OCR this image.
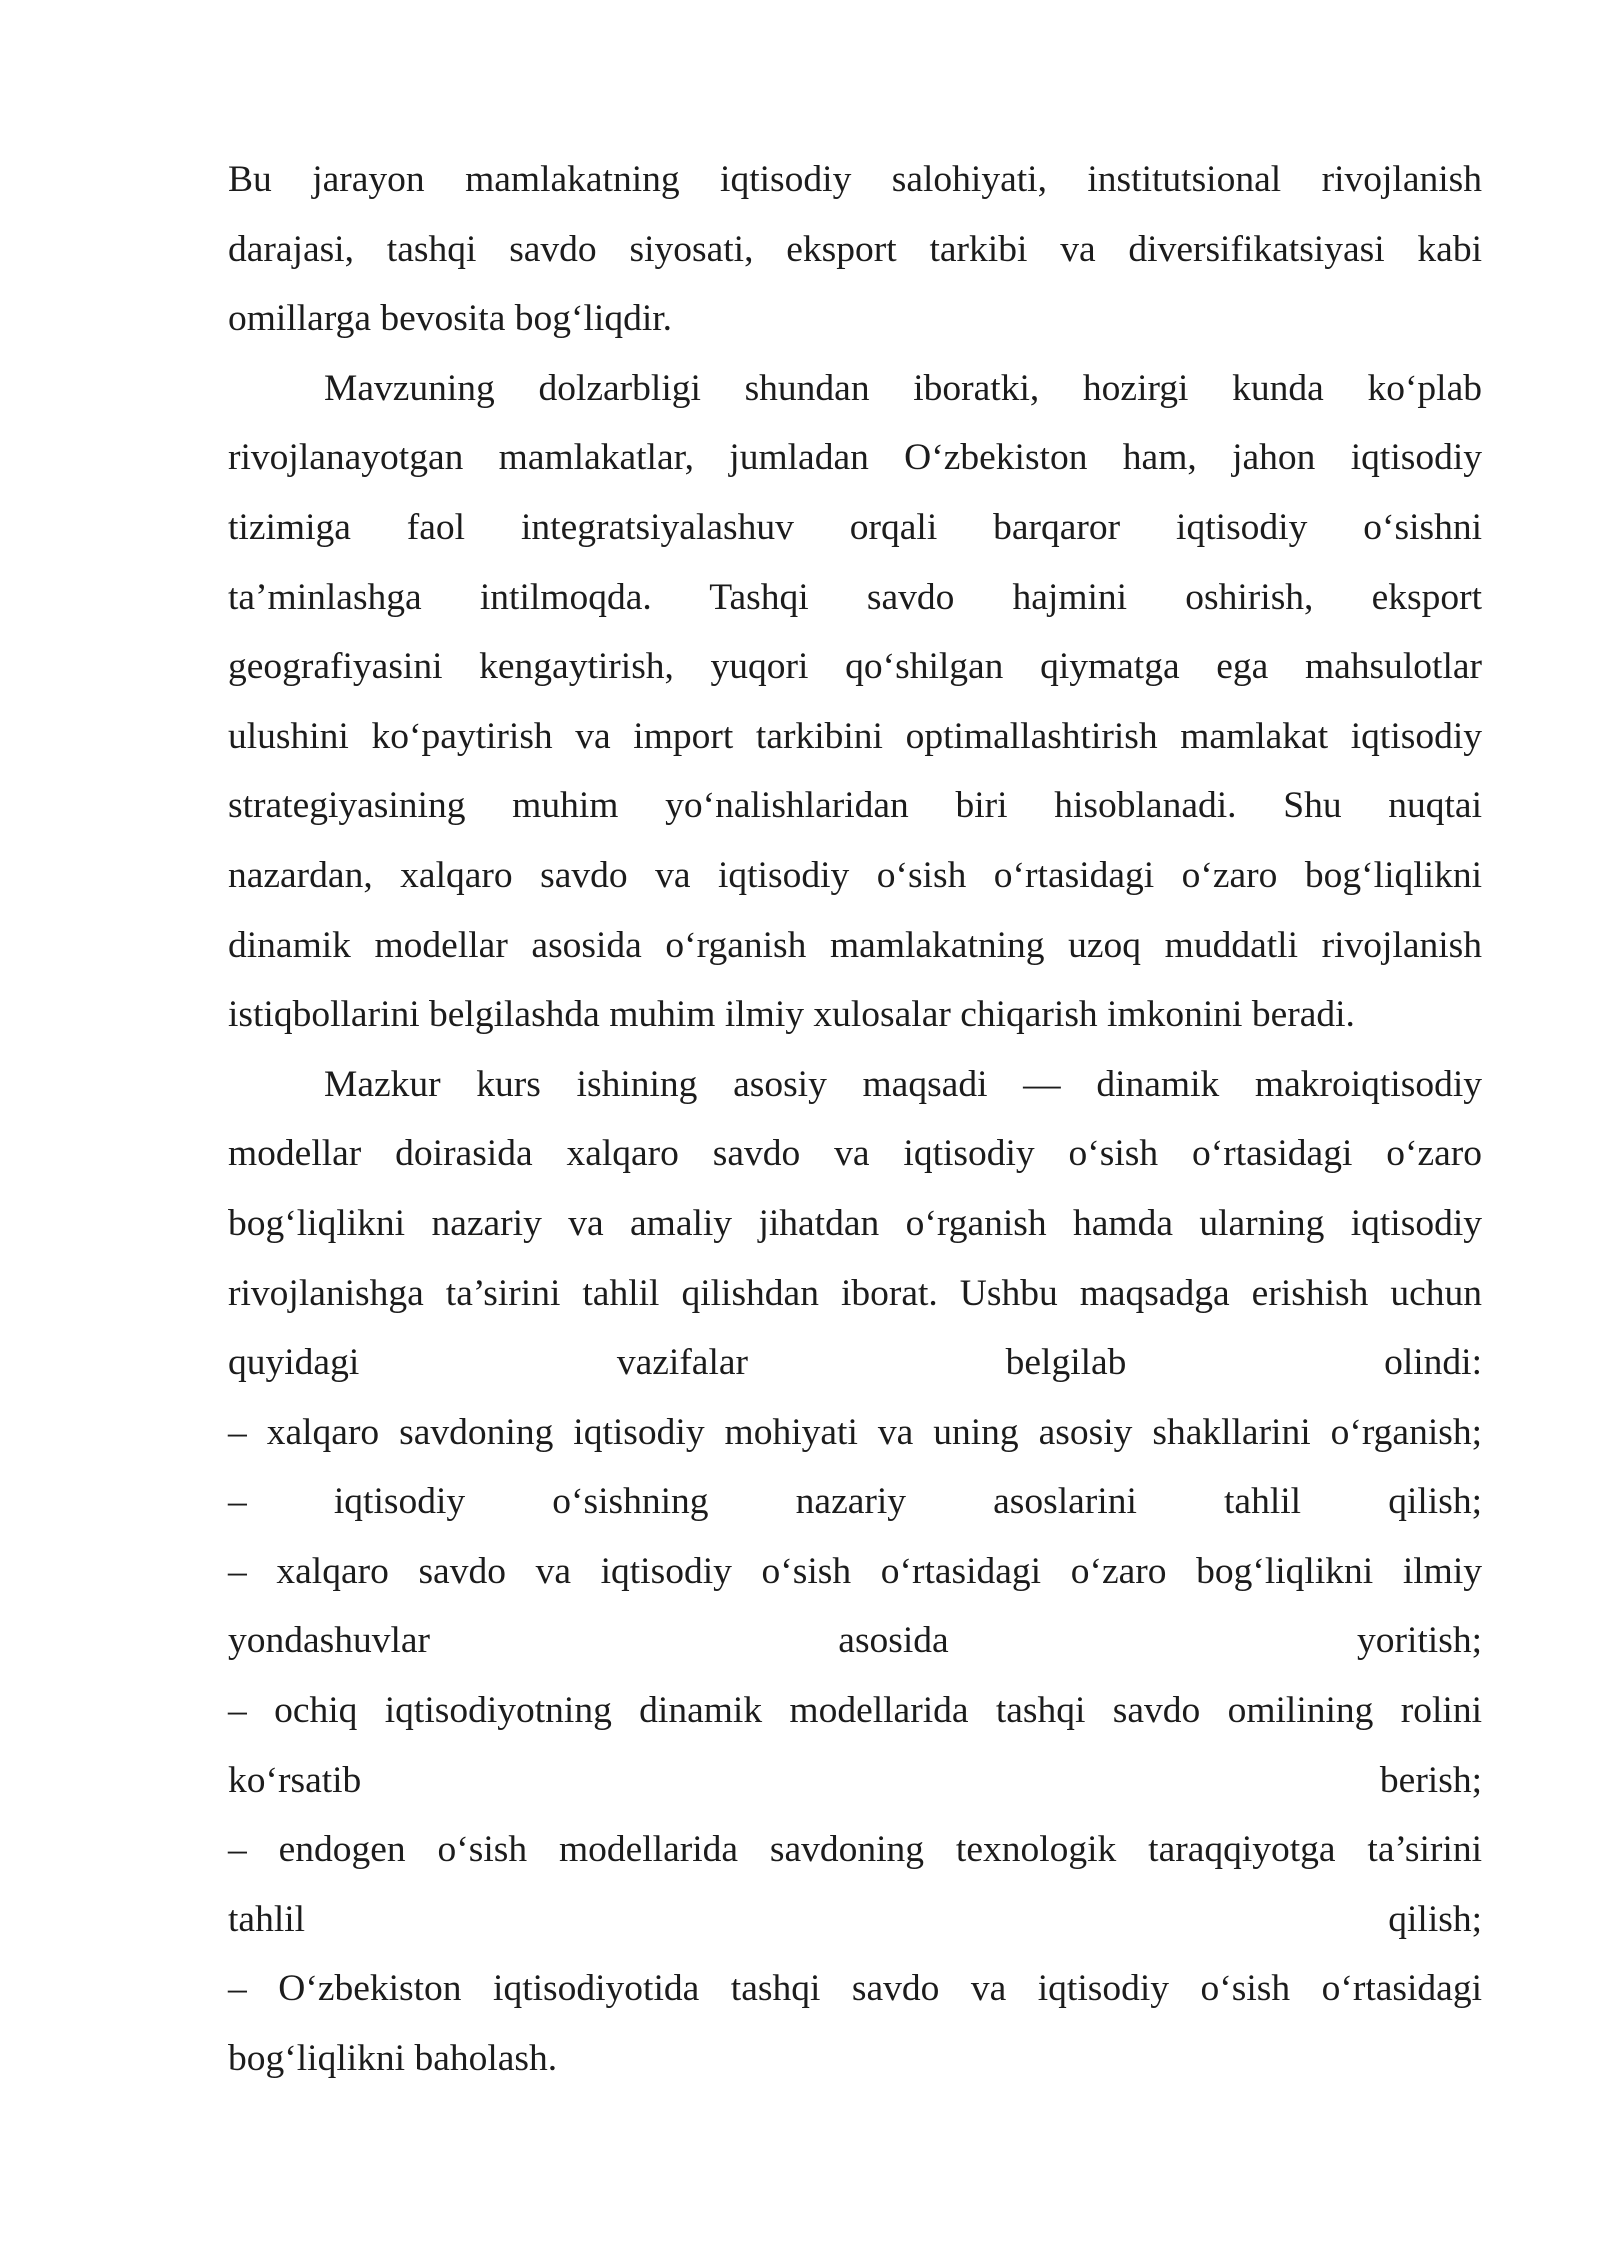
Bu jarayon mamlakatning iqtisodiy salohiyati, institutsional rivojlanish
darajasi, tashqi savdo siyosati, eksport tarkibi va diversifikatsiyasi kabi
omillarga bevosita bog‘liqdir.
Mavzuning dolzarbligi shundan iboratki, hozirgi kunda ko‘plab
rivojlanayotgan mamlakatlar, jumladan O‘zbekiston ham, jahon iqtisodiy
tizimiga faol integratsiyalashuv orqali barqaror iqtisodiy o‘sishni
ta’minlashga intilmoqda. Tashqi savdo hajmini oshirish, eksport
geografiyasini kengaytirish, yuqori qo‘shilgan qiymatga ega mahsulotlar
ulushini ko‘paytirish va import tarkibini optimallashtirish mamlakat iqtisodiy
strategiyasining muhim yo‘nalishlaridan biri hisoblanadi. Shu nuqtai
nazardan, xalqaro savdo va iqtisodiy o‘sish o‘rtasidagi o‘zaro bog‘liqlikni
dinamik modellar asosida o‘rganish mamlakatning uzoq muddatli rivojlanish
istiqbollarini belgilashda muhim ilmiy xulosalar chiqarish imkonini beradi.
Mazkur kurs ishining asosiy maqsadi — dinamik makroiqtisodiy
modellar doirasida xalqaro savdo va iqtisodiy o‘sish o‘rtasidagi o‘zaro
bog‘liqlikni nazariy va amaliy jihatdan o‘rganish hamda ularning iqtisodiy
rivojlanishga ta’sirini tahlil qilishdan iborat. Ushbu maqsadga erishish uchun
quyidagi vazifalar belgilab olindi:
– xalqaro savdoning iqtisodiy mohiyati va uning asosiy shakllarini o‘rganish;
– iqtisodiy o‘sishning nazariy asoslarini tahlil qilish;
– xalqaro savdo va iqtisodiy o‘sish o‘rtasidagi o‘zaro bog‘liqlikni ilmiy
yondashuvlar asosida yoritish;
– ochiq iqtisodiyotning dinamik modellarida tashqi savdo omilining rolini
ko‘rsatib berish;
– endogen o‘sish modellarida savdoning texnologik taraqqiyotga ta’sirini
tahlil qilish;
– O‘zbekiston iqtisodiyotida tashqi savdo va iqtisodiy o‘sish o‘rtasidagi
bog‘liqlikni baholash.
